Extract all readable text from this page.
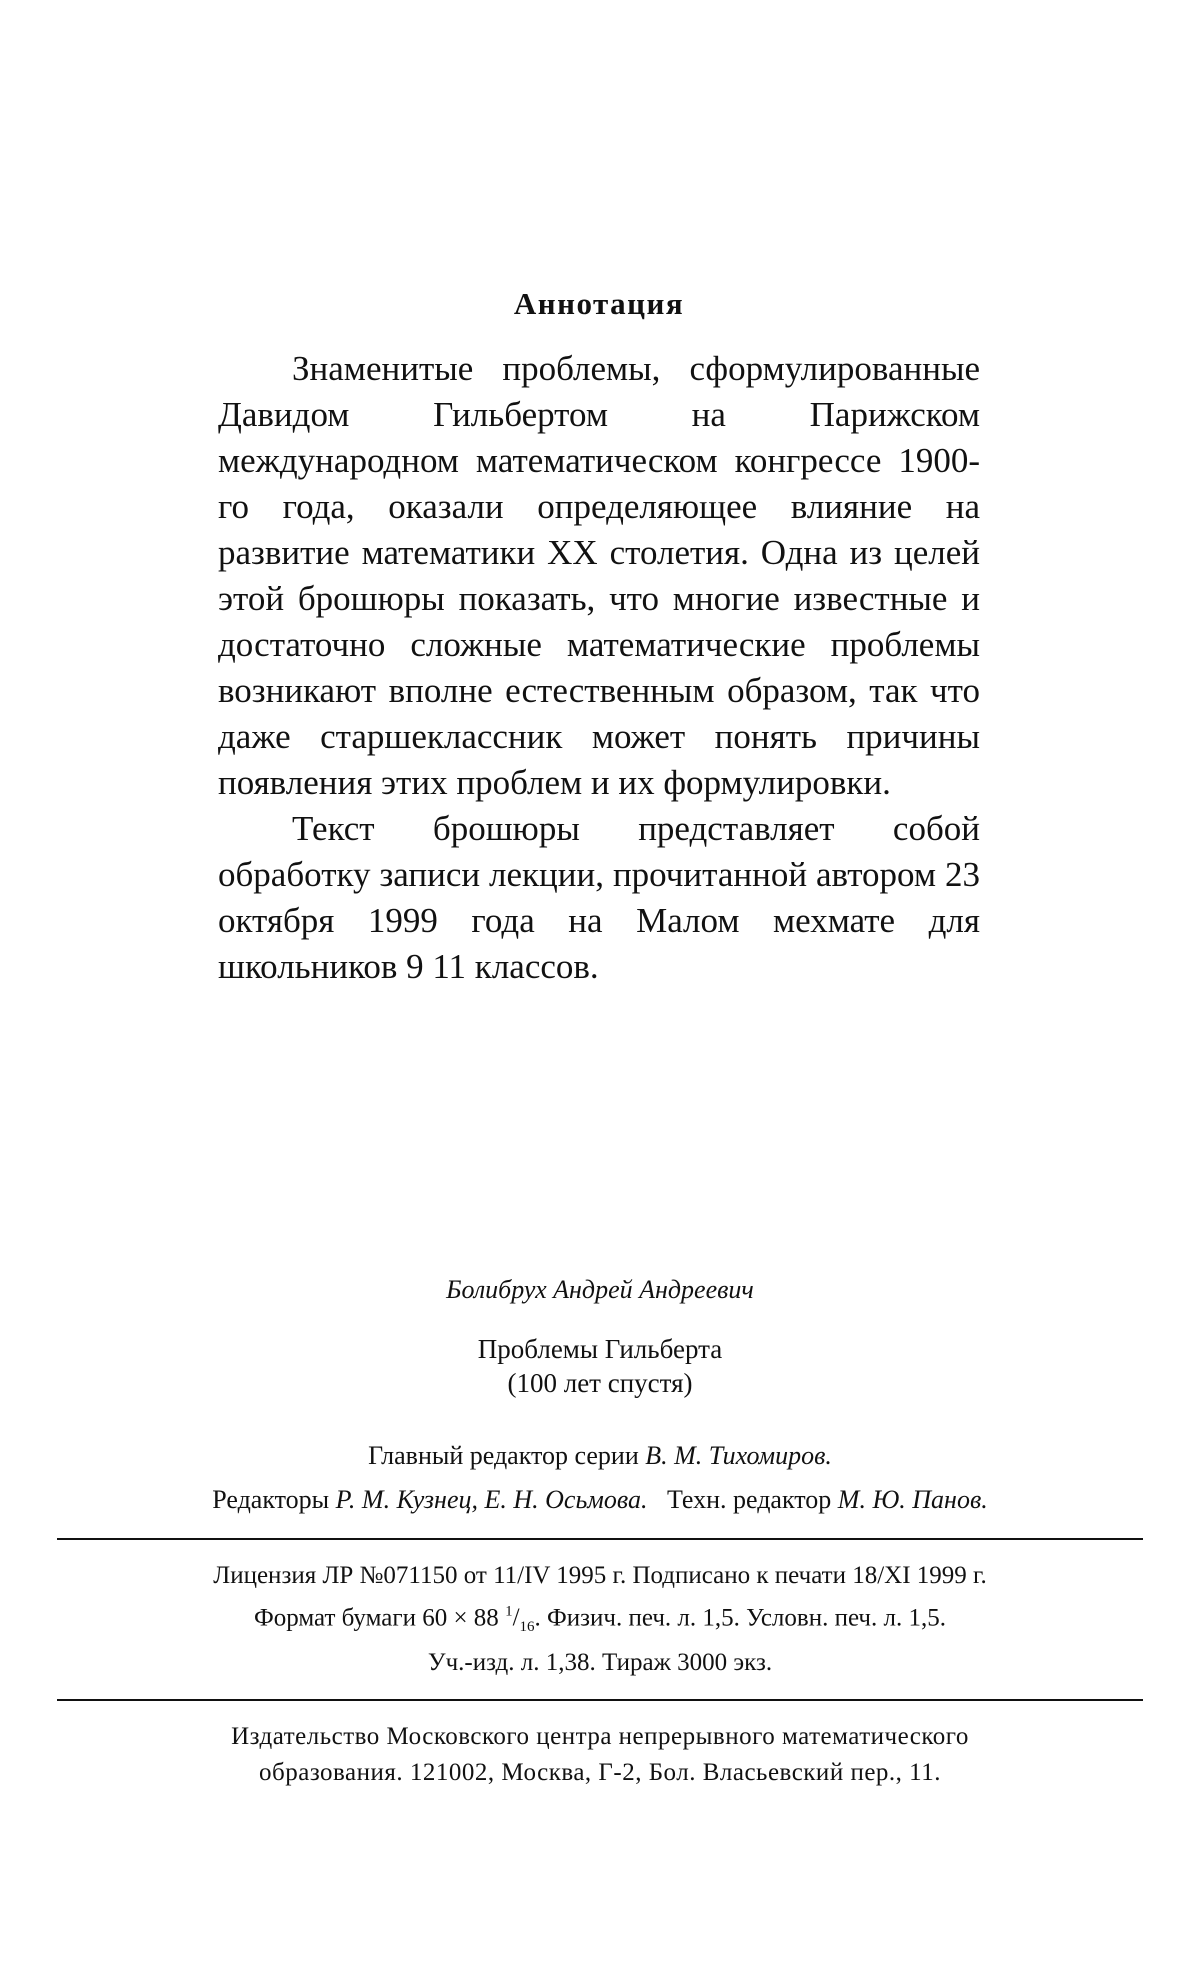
Аннотация

Знаменитые проблемы, сформулированные Давидом Гильбертом на Парижском международном математическом конгрессе 1900-го года, оказали определяющее влияние на развитие математики XX столетия. Одна из целей этой брошюры показать, что многие известные и достаточно сложные математические проблемы возникают вполне естественным образом, так что даже старшеклассник может понять причины появления этих проблем и их формулировки.

Текст брошюры представляет собой обработку записи лекции, прочитанной автором 23 октября 1999 года на Малом мехмате для школьников 9 11 классов.

Болибрух Андрей Андреевич
Проблемы Гильберта
(100 лет спустя)
Главный редактор серии В. М. Тихомиров.
Редакторы Р. М. Кузнец, Е. Н. Осьмова. Техн. редактор М. Ю. Панов.
Лицензия ЛР №071150 от 11/IV 1995 г. Подписано к печати 18/XI 1999 г.
Формат бумаги 60 × 88 $^1/_{16}$. Физич. печ. л. 1,5. Условн. печ. л. 1,5.
Уч.-изд. л. 1,38. Тираж 3000 экз.
Издательство Московского центра непрерывного математического
образования. 121002, Москва, Г-2, Бол. Власьевский пер., 11.
